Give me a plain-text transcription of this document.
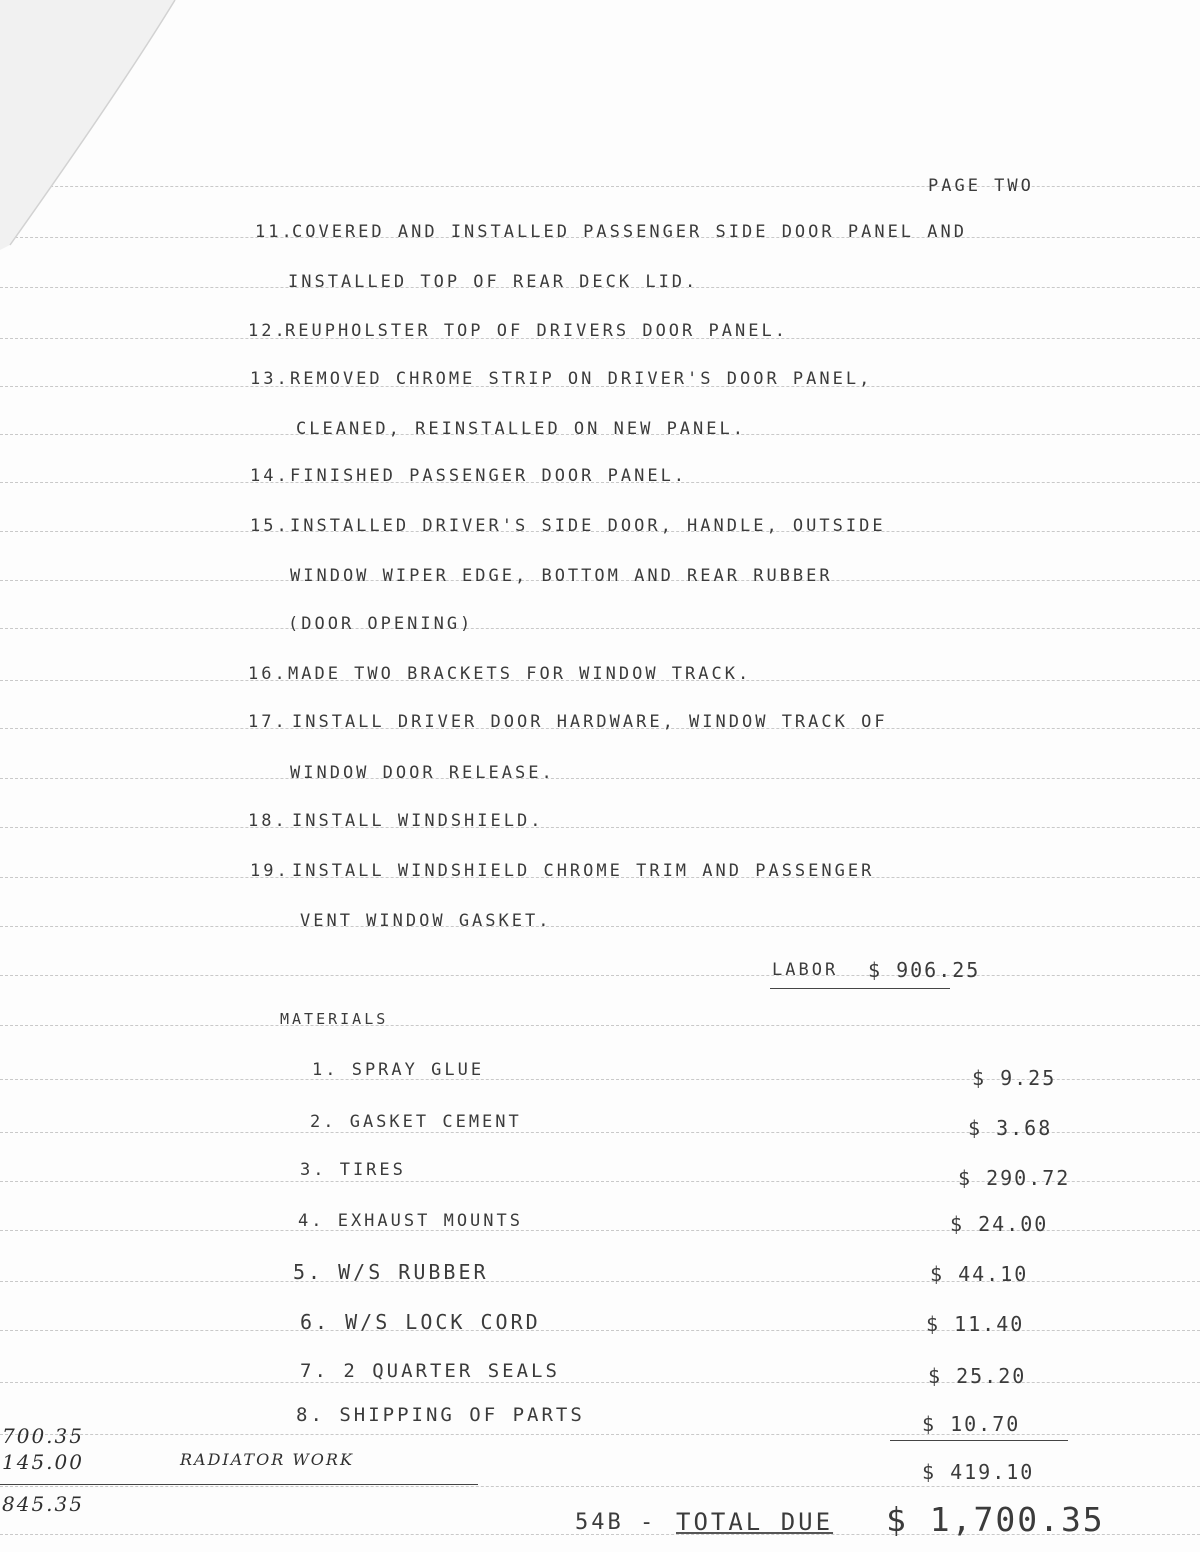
PAGE TWO
11.
COVERED AND INSTALLED PASSENGER SIDE DOOR PANEL AND
INSTALLED TOP OF REAR DECK LID.
12.
REUPHOLSTER TOP OF DRIVERS DOOR PANEL.
13. REMOVED CHROME STRIP ON DRIVER'S DOOR PANEL,
CLEANED, REINSTALLED ON NEW PANEL.
14. FINISHED PASSENGER DOOR PANEL.
15. INSTALLED DRIVER'S SIDE DOOR, HANDLE, OUTSIDE
WINDOW WIPER EDGE, BOTTOM AND REAR RUBBER
(DOOR OPENING)
16. MADE TWO BRACKETS FOR WINDOW TRACK.
17. INSTALL DRIVER DOOR HARDWARE, WINDOW TRACK OF
WINDOW DOOR RELEASE.
18. INSTALL WINDSHIELD.
19. INSTALL WINDSHIELD CHROME TRIM AND PASSENGER
VENT WINDOW GASKET.
LABOR $ 906.25
MATERIALS
1. SPRAY GLUE	$ 9.25
2. GASKET CEMENT	$ 3.68
3. TIRES	$ 290.72
4. EXHAUST MOUNTS	$ 24.00
5. W/S RUBBER	$ 44.10
6. W/S LOCK CORD	$ 11.40
7. 2 QUARTER SEALS	$ 25.20
8. SHIPPING OF PARTS	$ 10.70
$ 419.10
54B - TOTAL DUE $ 1,700.35
700.35
145.00	RADIATOR WORK
845.35
